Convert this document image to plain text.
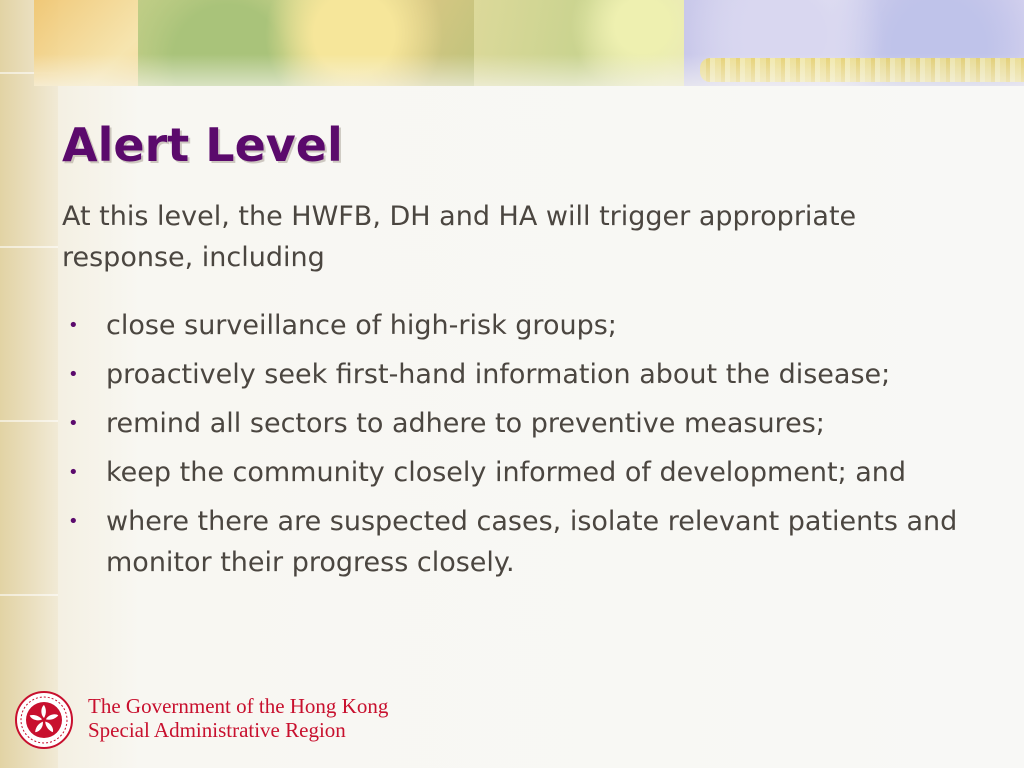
Alert Level
At this level, the HWFB, DH and HA will trigger appropriate response, including
• close surveillance of high-risk groups;
• proactively seek first-hand information about the disease;
• remind all sectors to adhere to preventive measures;
• keep the community closely informed of development; and
• where there are suspected cases, isolate relevant patients and monitor their progress closely.
The Government of the Hong Kong
Special Administrative Region
